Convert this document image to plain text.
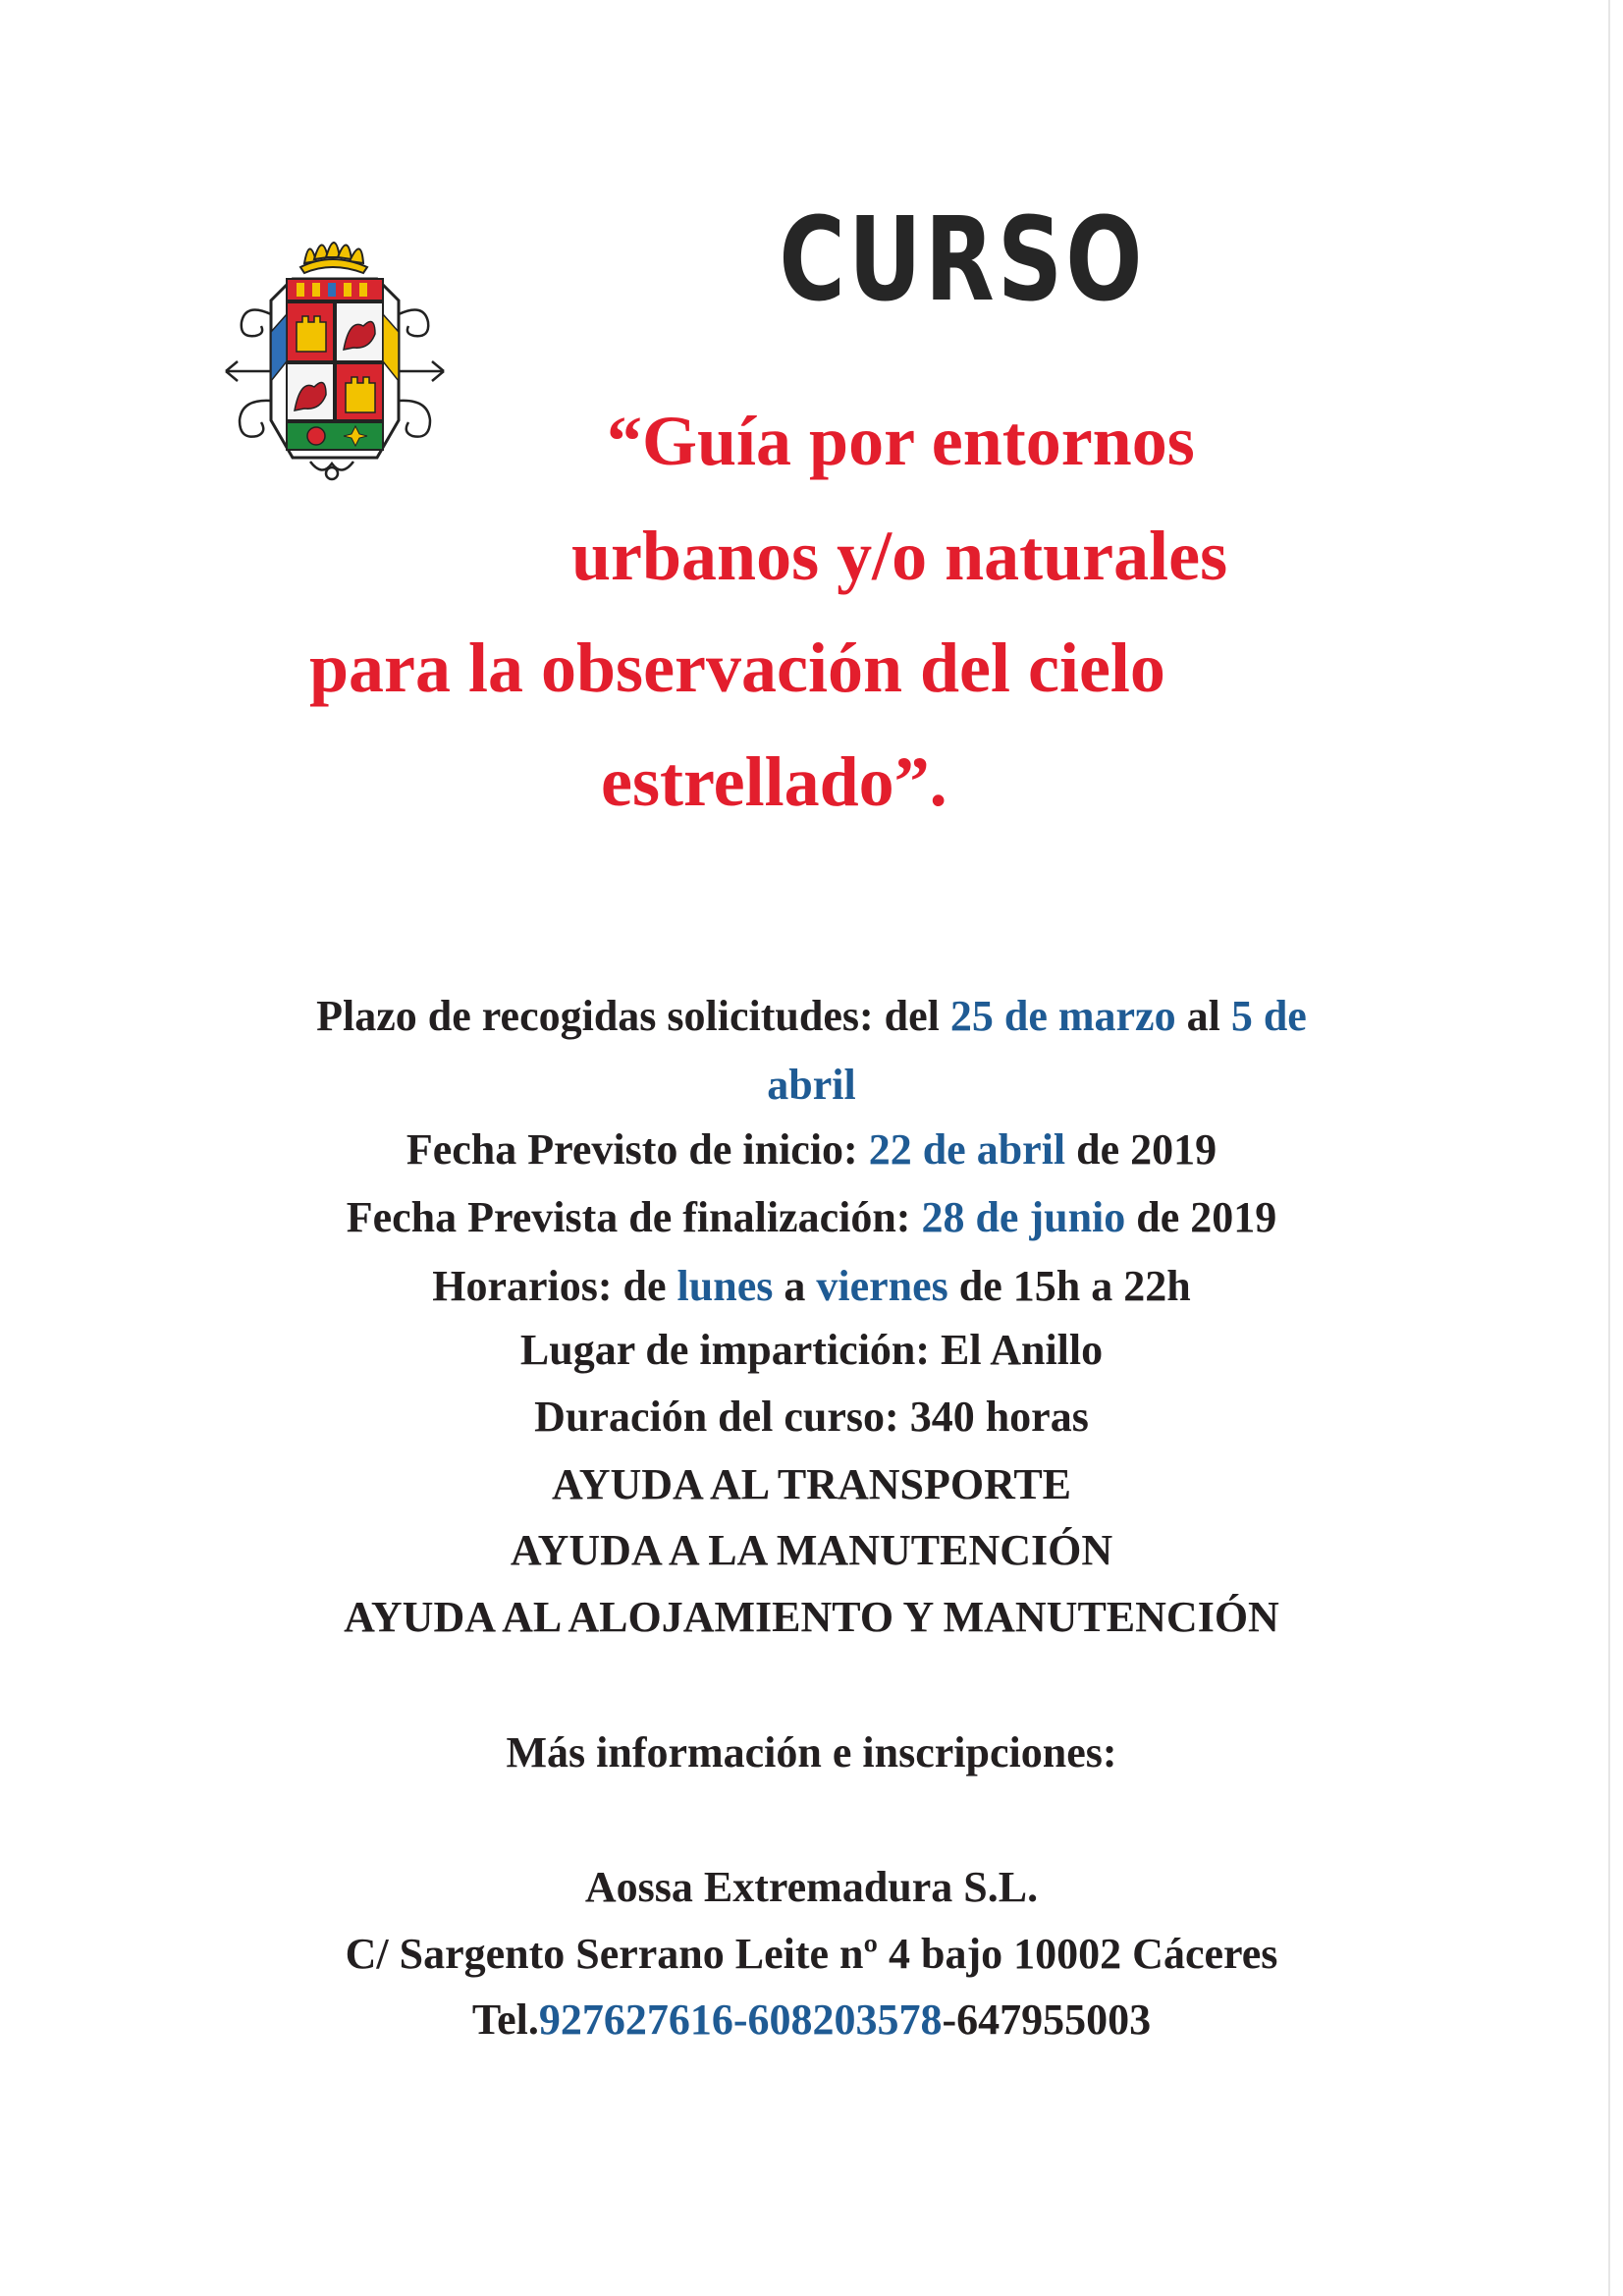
CURSO
“Guía por entornos
urbanos y/o naturales
para la observación del cielo
estrellado”.
Plazo de recogidas solicitudes: del 25 de marzo al 5 de
abril
Fecha Previsto de inicio: 22 de abril de 2019
Fecha Prevista de finalización: 28 de junio de 2019
Horarios: de lunes a viernes de 15h a 22h
Lugar de impartición: El Anillo
Duración del curso: 340 horas
AYUDA AL TRANSPORTE
AYUDA A LA MANUTENCIÓN
AYUDA AL ALOJAMIENTO Y MANUTENCIÓN
Más información e inscripciones:
Aossa Extremadura S.L.
C/ Sargento Serrano Leite nº 4 bajo 10002 Cáceres
Tel.927627616-608203578-647955003
